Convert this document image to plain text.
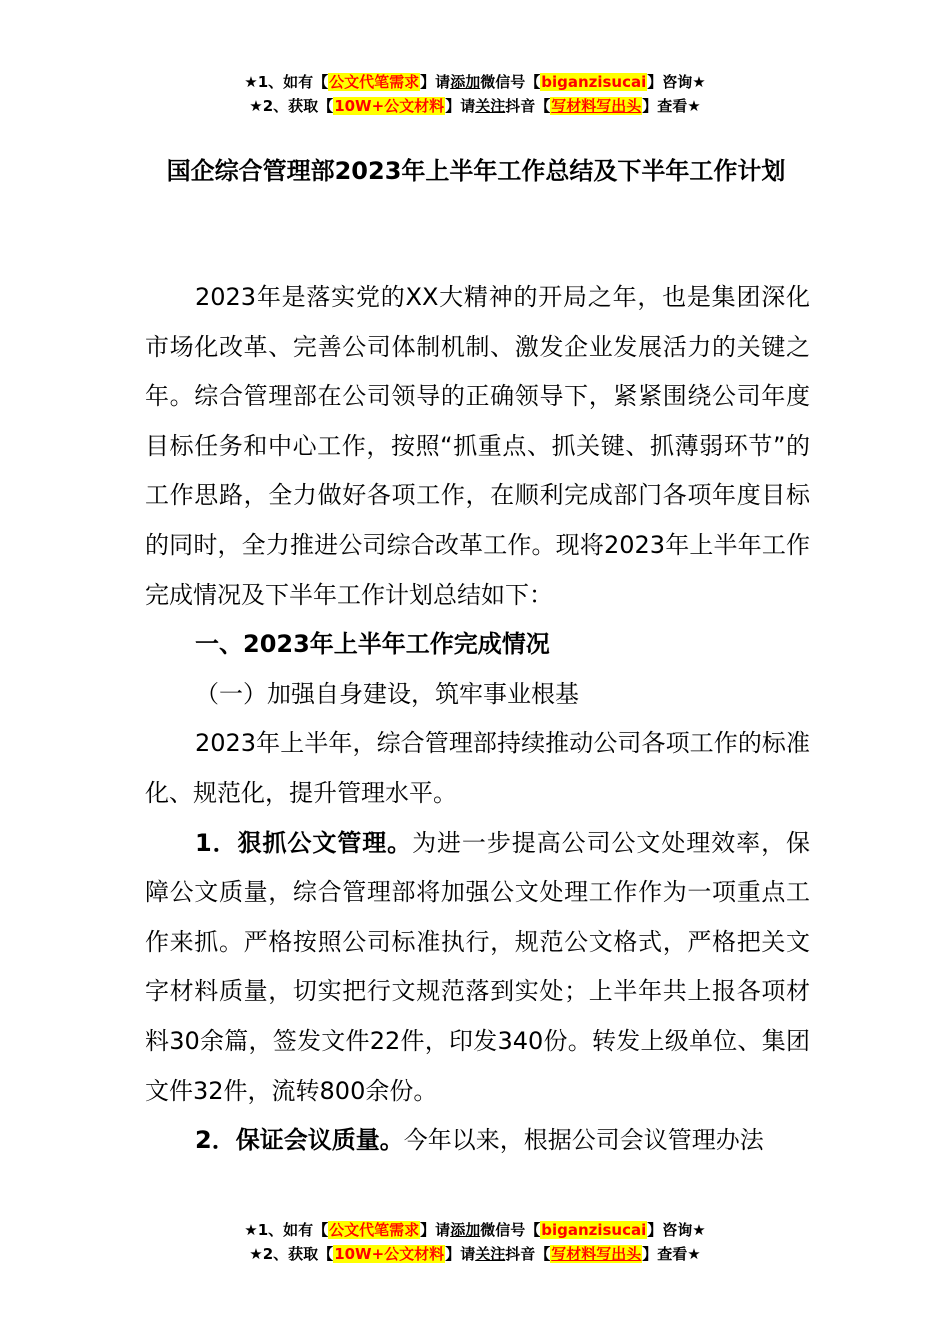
★1、如有【公文代笔需求】请添加微信号【biganzisucai】咨询★
★2、获取【10W+公文材料】请关注抖音【写材料写出头】查看★
国企综合管理部2023年上半年工作总结及下半年工作计划

2023年是落实党的XX大精神的开局之年，也是集团深化市场化改革、完善公司体制机制、激发企业发展活力的关键之年。综合管理部在公司领导的正确领导下，紧紧围绕公司年度目标任务和中心工作，按照“抓重点、抓关键、抓薄弱环节”的工作思路，全力做好各项工作，在顺利完成部门各项年度目标的同时，全力推进公司综合改革工作。现将2023年上半年工作完成情况及下半年工作计划总结如下：

一、2023年上半年工作完成情况

（一）加强自身建设，筑牢事业根基

2023年上半年，综合管理部持续推动公司各项工作的标准化、规范化，提升管理水平。

1．狠抓公文管理。为进一步提高公司公文处理效率，保障公文质量，综合管理部将加强公文处理工作作为一项重点工作来抓。严格按照公司标准执行，规范公文格式，严格把关文字材料质量，切实把行文规范落到实处；上半年共上报各项材料30余篇，签发文件22件，印发340份。转发上级单位、集团文件32件，流转800余份。

2．保证会议质量。今年以来，根据公司会议管理办法

★1、如有【公文代笔需求】请添加微信号【biganzisucai】咨询★
★2、获取【10W+公文材料】请关注抖音【写材料写出头】查看★
